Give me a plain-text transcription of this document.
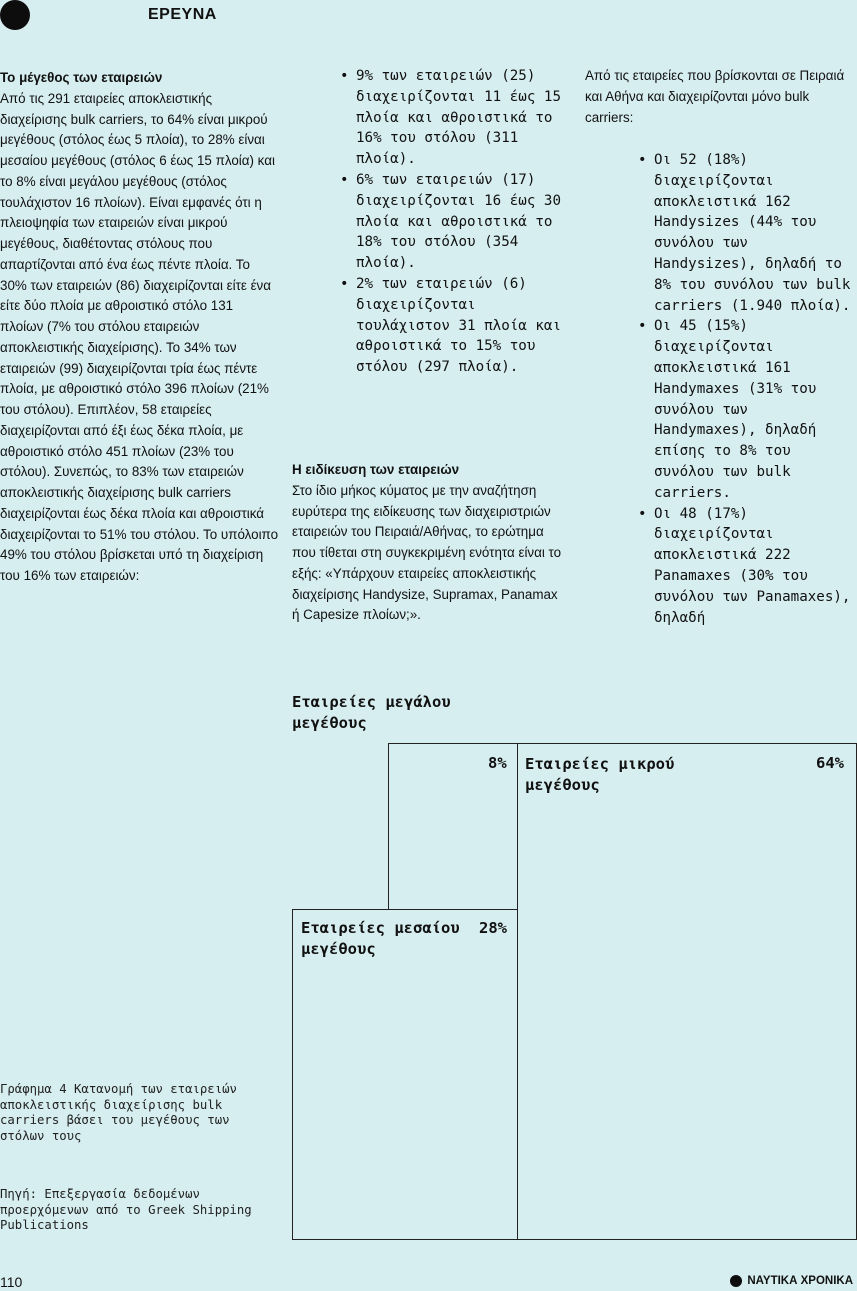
ΕΡΕΥΝΑ
Το μέγεθος των εταιρειών
Από τις 291 εταιρείες αποκλειστικής διαχείρισης bulk carriers, το 64% είναι μικρού μεγέθους (στόλος έως 5 πλοία), το 28% είναι μεσαίου μεγέθους (στόλος 6 έως 15 πλοία) και το 8% είναι μεγάλου μεγέθους (στόλος τουλάχιστον 16 πλοίων). Είναι εμφανές ότι η πλειοψηφία των εταιρειών είναι μικρού μεγέθους, διαθέτοντας στόλους που απαρτίζονται από ένα έως πέντε πλοία. Το 30% των εταιρειών (86) διαχειρίζονται είτε ένα είτε δύο πλοία με αθροιστικό στόλο 131 πλοίων (7% του στόλου εταιρειών αποκλειστικής διαχείρισης). Το 34% των εταιρειών (99) διαχειρίζονται τρία έως πέντε πλοία, με αθροιστικό στόλο 396 πλοίων (21% του στόλου). Επιπλέον, 58 εταιρείες διαχειρίζονται από έξι έως δέκα πλοία, με αθροιστικό στόλο 451 πλοίων (23% του στόλου). Συνεπώς, το 83% των εταιρειών αποκλειστικής διαχείρισης bulk carriers διαχειρίζονται έως δέκα πλοία και αθροιστικά διαχειρίζονται το 51% του στόλου. Το υπόλοιπο 49% του στόλου βρίσκεται υπό τη διαχείριση του 16% των εταιρειών:
• 9% των εταιρειών (25) διαχειρίζονται 11 έως 15 πλοία και αθροιστικά το 16% του στόλου (311 πλοία).
• 6% των εταιρειών (17) διαχειρίζονται 16 έως 30 πλοία και αθροιστικά το 18% του στόλου (354 πλοία).
• 2% των εταιρειών (6) διαχειρίζονται τουλάχιστον 31 πλοία και αθροιστικά το 15% του στόλου (297 πλοία).
Η ειδίκευση των εταιρειών
Στο ίδιο μήκος κύματος με την αναζήτηση ευρύτερα της ειδίκευσης των διαχειριστριών εταιρειών του Πειραιά/Αθήνας, το ερώτημα που τίθεται στη συγκεκριμένη ενότητα είναι το εξής: «Υπάρχουν εταιρείες αποκλειστικής διαχείρισης Handysize, Supramax, Panamax ή Capesize πλοίων;».
Από τις εταιρείες που βρίσκονται σε Πειραιά και Αθήνα και διαχειρίζονται μόνο bulk carriers:
• Οι 52 (18%) διαχειρίζονται αποκλειστικά 162 Handysizes (44% του συνόλου των Handysizes), δηλαδή το 8% του συνόλου των bulk carriers (1.940 πλοία).
• Οι 45 (15%) διαχειρίζονται αποκλειστικά 161 Handymaxes (31% του συνόλου των Handymaxes), δηλαδή επίσης το 8% του συνόλου των bulk carriers.
• Οι 48 (17%) διαχειρίζονται αποκλειστικά 222 Panamaxes (30% του συνόλου των Panamaxes), δηλαδή
Εταιρείες μεγάλου μεγέθους
8% Εταιρείες μικρού μεγέθους
64%
Εταιρείες μεσαίου μεγέθους
28%
Γράφημα 4 Κατανομή των εταιρειών αποκλειστικής διαχείρισης bulk carriers βάσει του μεγέθους των στόλων τους
Πηγή: Επεξεργασία δεδομένων προερχόμενων από το Greek Shipping Publications
110	ΝΑΥΤΙΚΑ ΧΡΟΝΙΚΑ
